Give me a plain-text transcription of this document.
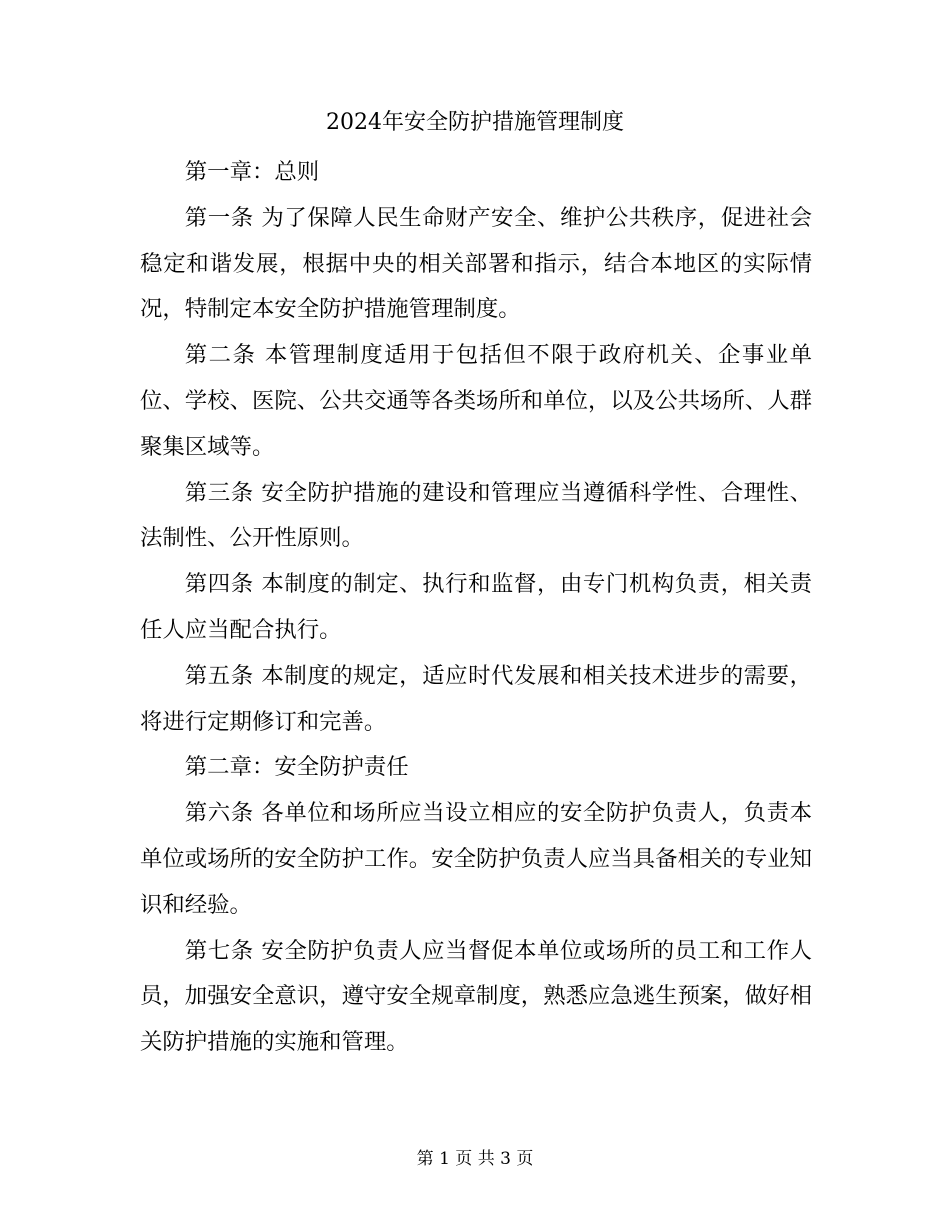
2024年安全防护措施管理制度

第一章：总则

第一条 为了保障人民生命财产安全、维护公共秩序，促进社会稳定和谐发展，根据中央的相关部署和指示，结合本地区的实际情况，特制定本安全防护措施管理制度。

第二条 本管理制度适用于包括但不限于政府机关、企事业单位、学校、医院、公共交通等各类场所和单位，以及公共场所、人群聚集区域等。

第三条 安全防护措施的建设和管理应当遵循科学性、合理性、法制性、公开性原则。

第四条 本制度的制定、执行和监督，由专门机构负责，相关责任人应当配合执行。

第五条 本制度的规定，适应时代发展和相关技术进步的需要，将进行定期修订和完善。

第二章：安全防护责任

第六条 各单位和场所应当设立相应的安全防护负责人，负责本单位或场所的安全防护工作。安全防护负责人应当具备相关的专业知识和经验。

第七条 安全防护负责人应当督促本单位或场所的员工和工作人员，加强安全意识，遵守安全规章制度，熟悉应急逃生预案，做好相关防护措施的实施和管理。

第 1 页 共 3 页
